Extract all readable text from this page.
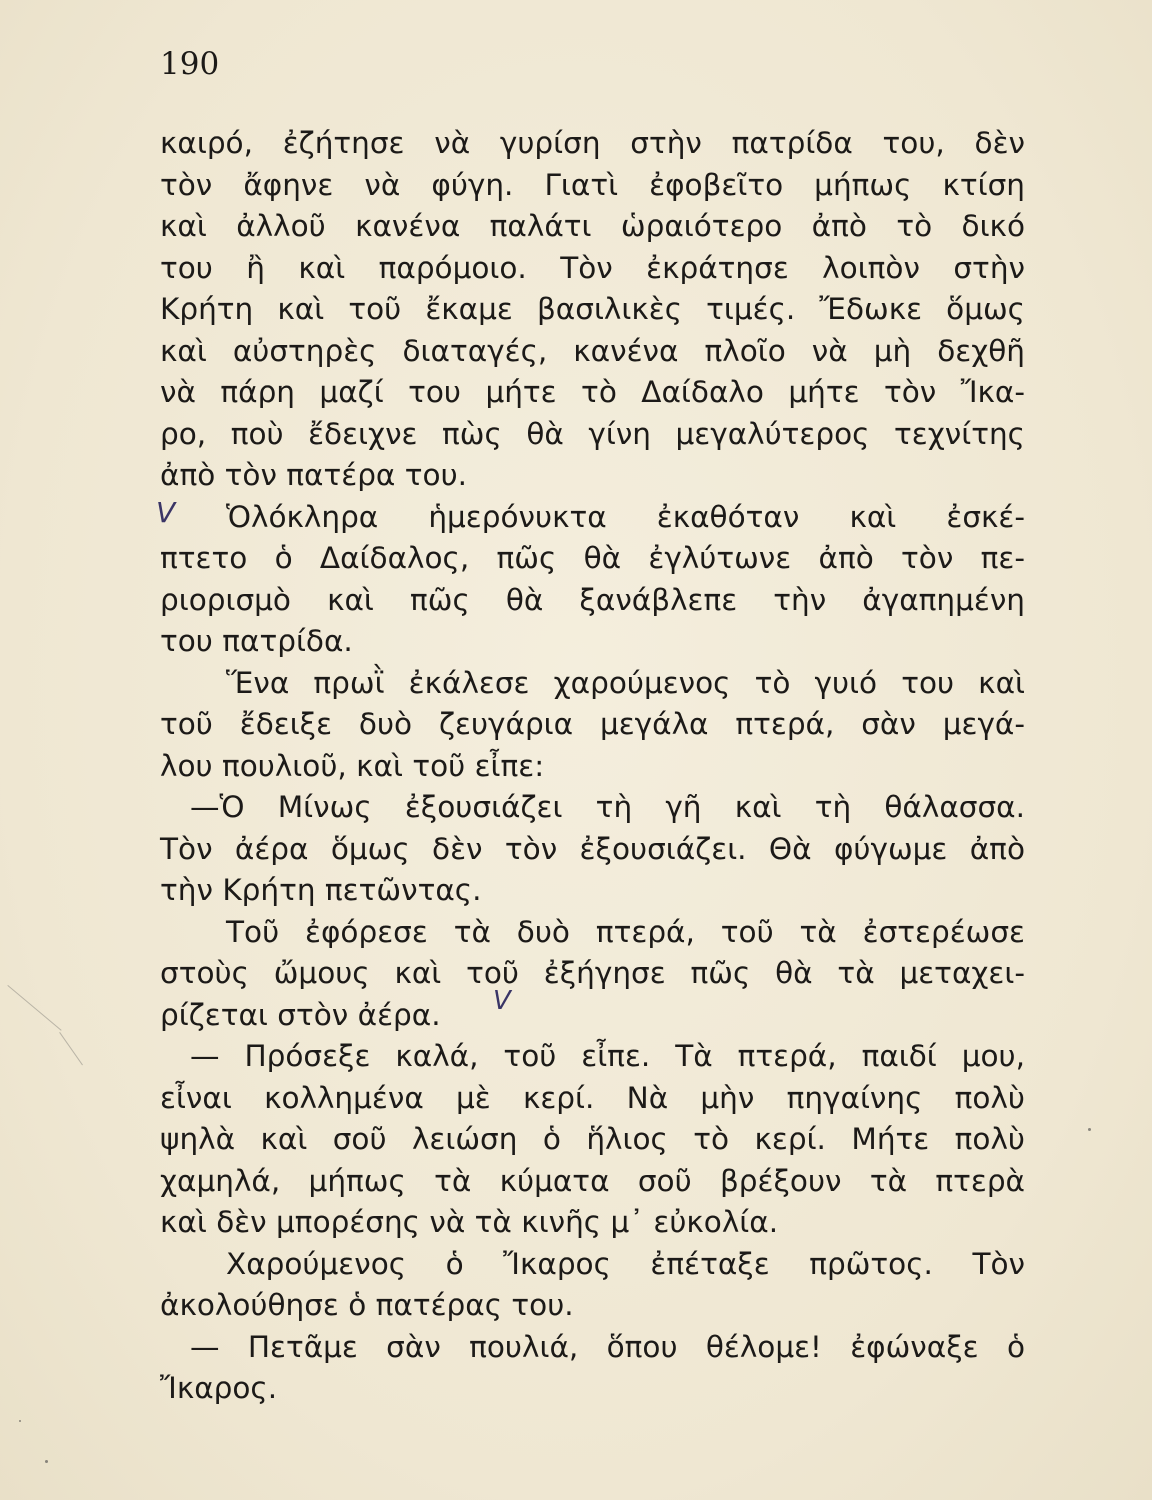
190
καιρό, ἐζήτησε νὰ γυρίση στὴν πατρίδα του, δὲν
τὸν ἄφηνε νὰ φύγη. Γιατὶ ἐφοβεῖτο μήπως κτίση
καὶ ἀλλοῦ κανένα παλάτι ὡραιότερο ἀπὸ τὸ δικό
του ἢ καὶ παρόμοιο. Τὸν ἐκράτησε λοιπὸν στὴν
Κρήτη καὶ τοῦ ἔκαμε βασιλικὲς τιμές. Ἔδωκε ὅμως
καὶ αὐστηρὲς διαταγές, κανένα πλοῖο νὰ μὴ δεχθῆ
νὰ πάρη μαζί του μήτε τὸ Δαίδαλο μήτε τὸν Ἴκα-
ρο, ποὺ ἔδειχνε πὼς θὰ γίνη μεγαλύτερος τεχνίτης
ἀπὸ τὸν πατέρα του.
Ὁλόκληρα ἡμερόνυκτα ἐκαθόταν καὶ ἐσκέ-
πτετο ὁ Δαίδαλος, πῶς θὰ ἐγλύτωνε ἀπὸ τὸν πε-
ριορισμὸ καὶ πῶς θὰ ξανάβλεπε τὴν ἀγαπημένη
του πατρίδα.
Ἕνα πρωῒ ἐκάλεσε χαρούμενος τὸ γυιό του καὶ
τοῦ ἔδειξε δυὸ ζευγάρια μεγάλα πτερά, σὰν μεγά-
λου πουλιοῦ, καὶ τοῦ εἶπε:
—Ὁ Μίνως ἐξουσιάζει τὴ γῆ καὶ τὴ θάλασσα.
Τὸν ἀέρα ὅμως δὲν τὸν ἐξουσιάζει. Θὰ φύγωμε ἀπὸ
τὴν Κρήτη πετῶντας.
Τοῦ ἐφόρεσε τὰ δυὸ πτερά, τοῦ τὰ ἐστερέωσε
στοὺς ὤμους καὶ τοῦ ἐξήγησε πῶς θὰ τὰ μεταχει-
ρίζεται στὸν ἀέρα.
— Πρόσεξε καλά, τοῦ εἶπε. Τὰ πτερά, παιδί μου,
εἶναι κολλημένα μὲ κερί. Νὰ μὴν πηγαίνης πολὺ
ψηλὰ καὶ σοῦ λειώση ὁ ἥλιος τὸ κερί. Μήτε πολὺ
χαμηλά, μήπως τὰ κύματα σοῦ βρέξουν τὰ πτερὰ
καὶ δὲν μπορέσης νὰ τὰ κινῆς μ᾽ εὐκολία.
Χαρούμενος ὁ Ἴκαρος ἐπέταξε πρῶτος. Τὸν
ἀκολούθησε ὁ πατέρας του.
— Πετᾶμε σὰν πουλιά, ὅπου θέλομε! ἐφώναξε ὁ
Ἴκαρος.
V
V
